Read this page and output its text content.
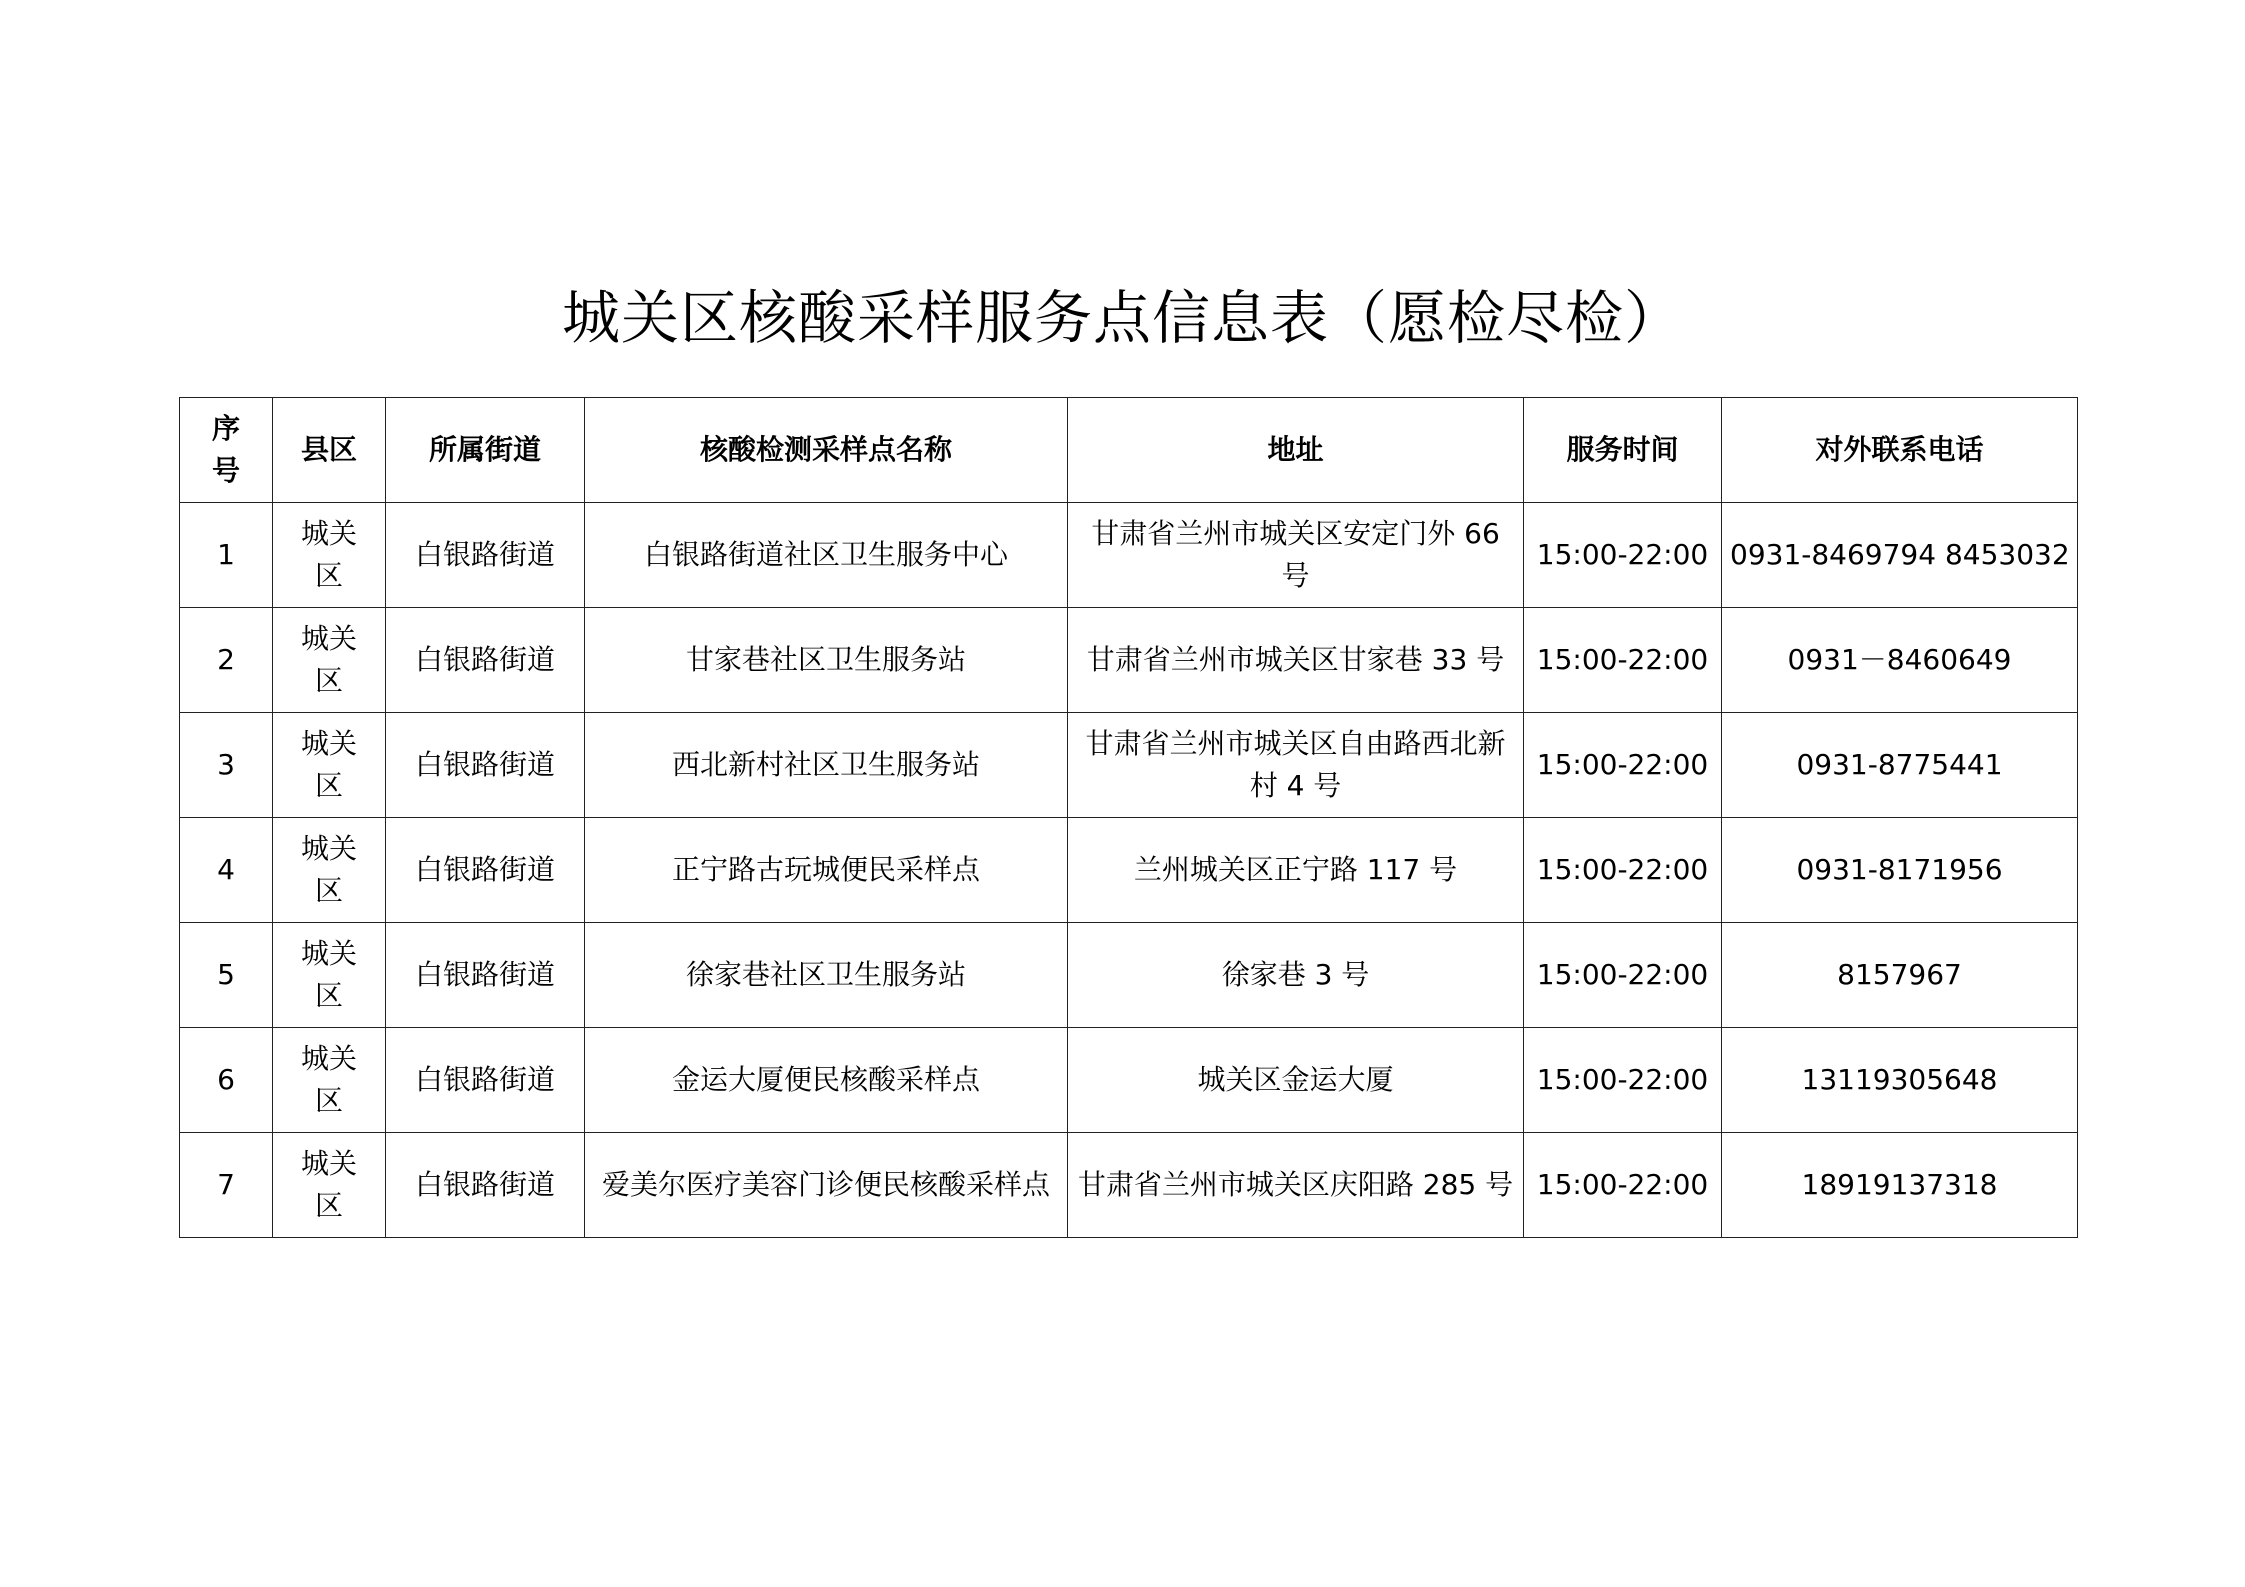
城关区核酸采样服务点信息表（愿检尽检）
序号	县区	所属街道	核酸检测采样点名称	地址	服务时间	对外联系电话
1	城关区	白银路街道	白银路街道社区卫生服务中心	甘肃省兰州市城关区安定门外 66 号	15:00-22:00	0931-8469794 8453032
2	城关区	白银路街道	甘家巷社区卫生服务站	甘肃省兰州市城关区甘家巷 33 号	15:00-22:00	0931－8460649
3	城关区	白银路街道	西北新村社区卫生服务站	甘肃省兰州市城关区自由路西北新村 4 号	15:00-22:00	0931-8775441
4	城关区	白银路街道	正宁路古玩城便民采样点	兰州城关区正宁路 117 号	15:00-22:00	0931-8171956
5	城关区	白银路街道	徐家巷社区卫生服务站	徐家巷 3 号	15:00-22:00	8157967
6	城关区	白银路街道	金运大厦便民核酸采样点	城关区金运大厦	15:00-22:00	13119305648
7	城关区	白银路街道	爱美尔医疗美容门诊便民核酸采样点	甘肃省兰州市城关区庆阳路 285 号	15:00-22:00	18919137318
